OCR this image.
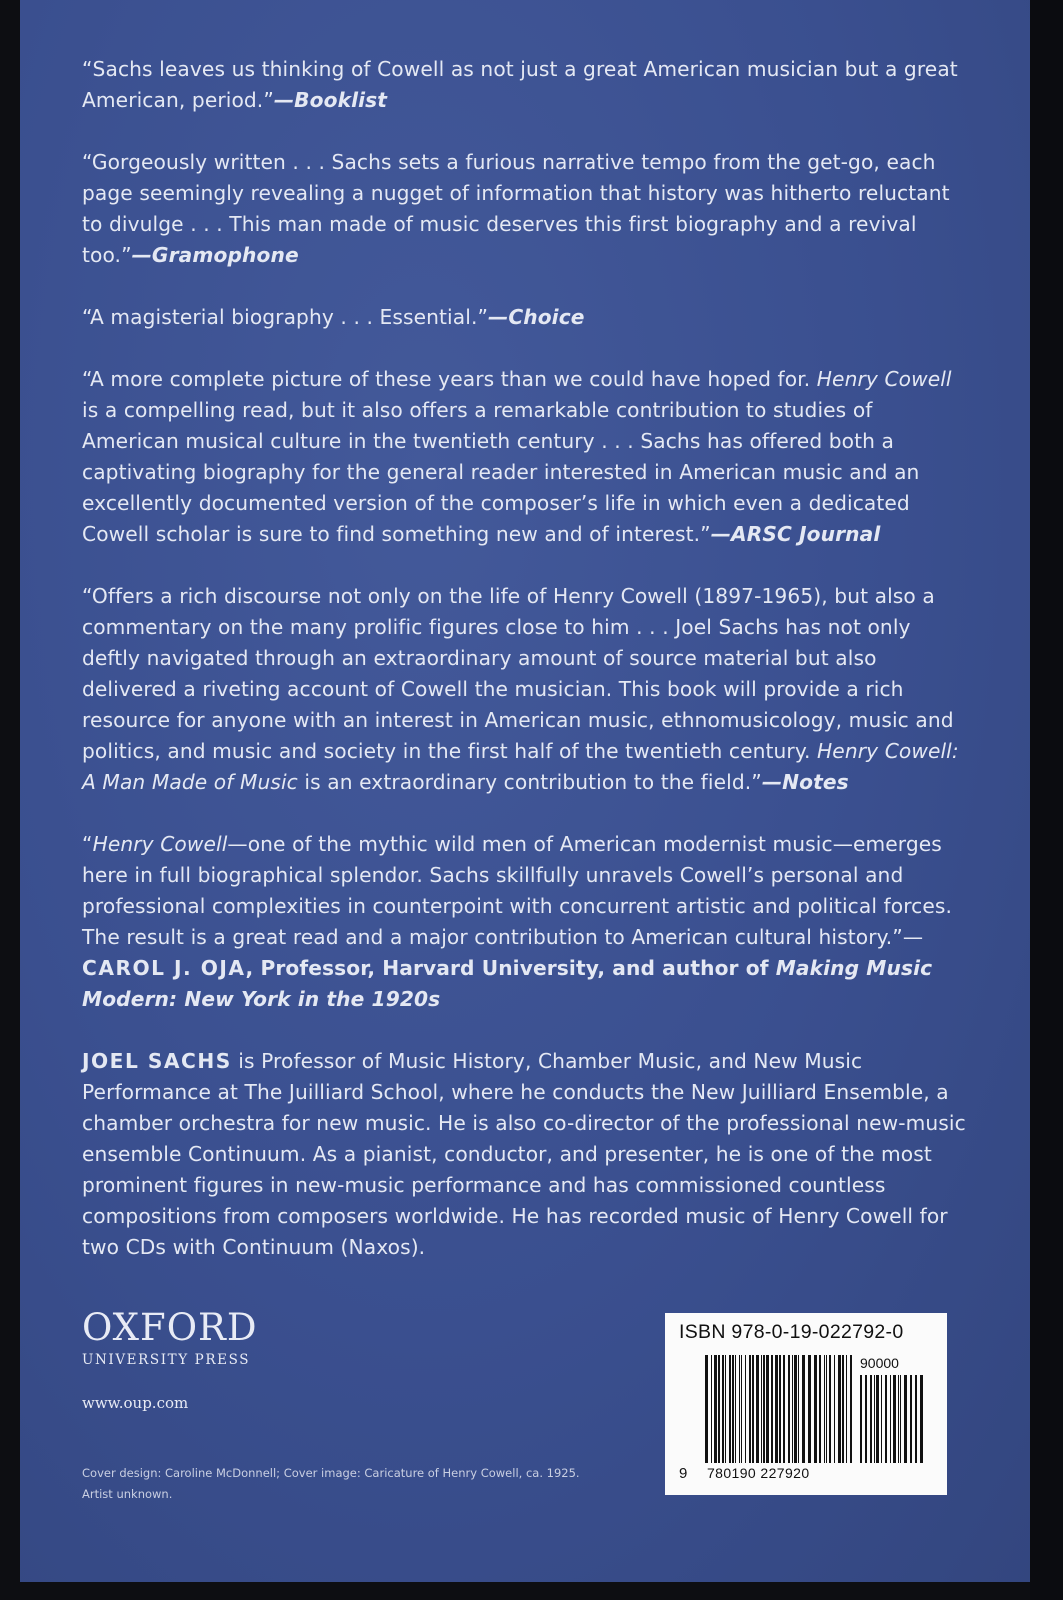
“Sachs leaves us thinking of Cowell as not just a great American musician but a great American, period.”—Booklist

“Gorgeously written . . . Sachs sets a furious narrative tempo from the get-go, each page seemingly revealing a nugget of information that history was hitherto reluctant to divulge . . . This man made of music deserves this first biography and a revival too.”—Gramophone

“A magisterial biography . . . Essential.”—Choice

“A more complete picture of these years than we could have hoped for. Henry Cowell is a compelling read, but it also offers a remarkable contribution to studies of American musical culture in the twentieth century . . . Sachs has offered both a captivating biography for the general reader interested in American music and an excellently documented version of the composer’s life in which even a dedicated Cowell scholar is sure to find something new and of interest.”—ARSC Journal

“Offers a rich discourse not only on the life of Henry Cowell (1897-1965), but also a commentary on the many prolific figures close to him . . . Joel Sachs has not only deftly navigated through an extraordinary amount of source material but also delivered a riveting account of Cowell the musician. This book will provide a rich resource for anyone with an interest in American music, ethnomusicology, music and politics, and music and society in the first half of the twentieth century. Henry Cowell: A Man Made of Music is an extraordinary contribution to the field.”—Notes

“Henry Cowell—one of the mythic wild men of American modernist music—emerges here in full biographical splendor. Sachs skillfully unravels Cowell’s personal and professional complexities in counterpoint with concurrent artistic and political forces. The result is a great read and a major contribution to American cultural history.”—CAROL J. OJA, Professor, Harvard University, and author of Making Music Modern: New York in the 1920s

JOEL SACHS is Professor of Music History, Chamber Music, and New Music Performance at The Juilliard School, where he conducts the New Juilliard Ensemble, a chamber orchestra for new music. He is also co-director of the professional new-music ensemble Continuum. As a pianist, conductor, and presenter, he is one of the most prominent figures in new-music performance and has commissioned countless compositions from composers worldwide. He has recorded music of Henry Cowell for two CDs with Continuum (Naxos).

OXFORD
UNIVERSITY PRESS
www.oup.com
Cover design: Caroline McDonnell; Cover image: Caricature of Henry Cowell, ca. 1925. Artist unknown.
ISBN 978-0-19-022792-0
90000
9 780190 227920
